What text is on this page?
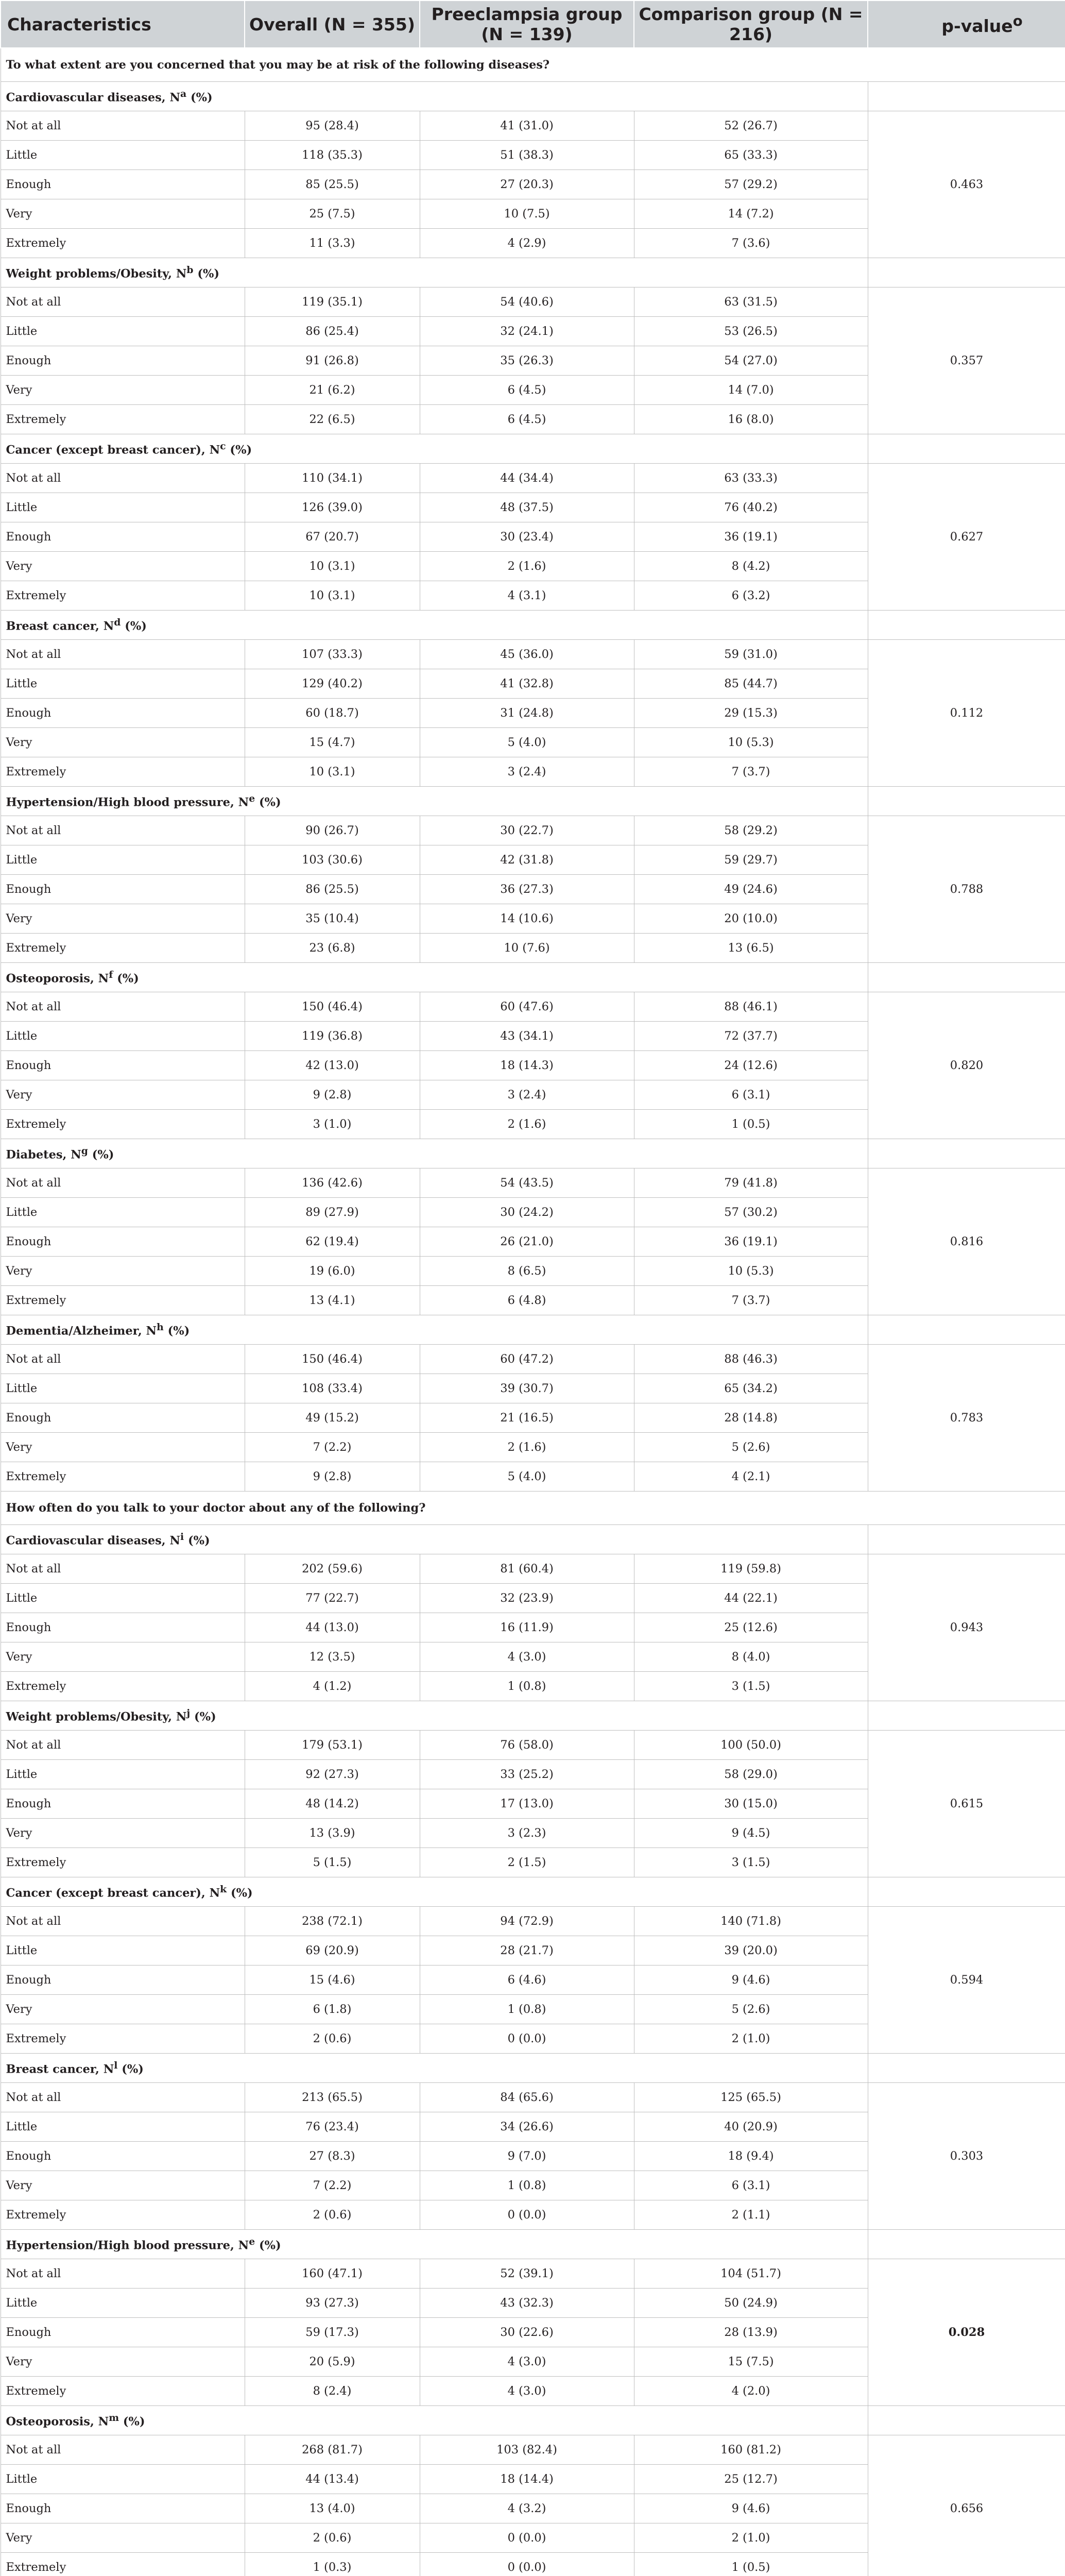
Characteristics	Overall (N = 355)	Preeclampsia group (N = 139)	Comparison group (N = 216)	p-value$^o$
To what extent are you concerned that you may be at risk of the following diseases?				
Cardiovascular diseases, $N^a$ (%)				
Not at all	95 (28.4)	41 (31.0)	52 (26.7)	0.463
Little	118 (35.3)	51 (38.3)	65 (33.3)	
Enough	85 (25.5)	27 (20.3)	57 (29.2)	
Very	25 (7.5)	10 (7.5)	14 (7.2)	
Extremely	11 (3.3)	4 (2.9)	7 (3.6)	
Weight problems/Obesity, $N^b$ (%)				
Not at all	119 (35.1)	54 (40.6)	63 (31.5)	0.357
Little	86 (25.4)	32 (24.1)	53 (26.5)	
Enough	91 (26.8)	35 (26.3)	54 (27.0)	
Very	21 (6.2)	6 (4.5)	14 (7.0)	
Extremely	22 (6.5)	6 (4.5)	16 (8.0)	
Cancer (except breast cancer), $N^c$ (%)				
Not at all	110 (34.1)	44 (34.4)	63 (33.3)	0.627
Little	126 (39.0)	48 (37.5)	76 (40.2)	
Enough	67 (20.7)	30 (23.4)	36 (19.1)	
Very	10 (3.1)	2 (1.6)	8 (4.2)	
Extremely	10 (3.1)	4 (3.1)	6 (3.2)	
Breast cancer, $N^d$ (%)				
Not at all	107 (33.3)	45 (36.0)	59 (31.0)	0.112
Little	129 (40.2)	41 (32.8)	85 (44.7)	
Enough	60 (18.7)	31 (24.8)	29 (15.3)	
Very	15 (4.7)	5 (4.0)	10 (5.3)	
Extremely	10 (3.1)	3 (2.4)	7 (3.7)	
Hypertension/High blood pressure, $N^e$ (%)				
Not at all	90 (26.7)	30 (22.7)	58 (29.2)	0.788
Little	103 (30.6)	42 (31.8)	59 (29.7)	
Enough	86 (25.5)	36 (27.3)	49 (24.6)	
Very	35 (10.4)	14 (10.6)	20 (10.0)	
Extremely	23 (6.8)	10 (7.6)	13 (6.5)	
Osteoporosis, $N^f$ (%)				
Not at all	150 (46.4)	60 (47.6)	88 (46.1)	0.820
Little	119 (36.8)	43 (34.1)	72 (37.7)	
Enough	42 (13.0)	18 (14.3)	24 (12.6)	
Very	9 (2.8)	3 (2.4)	6 (3.1)	
Extremely	3 (1.0)	2 (1.6)	1 (0.5)	
Diabetes, $N^g$ (%)				
Not at all	136 (42.6)	54 (43.5)	79 (41.8)	0.816
Little	89 (27.9)	30 (24.2)	57 (30.2)	
Enough	62 (19.4)	26 (21.0)	36 (19.1)	
Very	19 (6.0)	8 (6.5)	10 (5.3)	
Extremely	13 (4.1)	6 (4.8)	7 (3.7)	
Dementia/Alzheimer, $N^h$ (%)				
Not at all	150 (46.4)	60 (47.2)	88 (46.3)	0.783
Little	108 (33.4)	39 (30.7)	65 (34.2)	
Enough	49 (15.2)	21 (16.5)	28 (14.8)	
Very	7 (2.2)	2 (1.6)	5 (2.6)	
Extremely	9 (2.8)	5 (4.0)	4 (2.1)	
How often do you talk to your doctor about any of the following?				
Cardiovascular diseases, $N^i$ (%)				
Not at all	202 (59.6)	81 (60.4)	119 (59.8)	0.943
Little	77 (22.7)	32 (23.9)	44 (22.1)	
Enough	44 (13.0)	16 (11.9)	25 (12.6)	
Very	12 (3.5)	4 (3.0)	8 (4.0)	
Extremely	4 (1.2)	1 (0.8)	3 (1.5)	
Weight problems/Obesity, $N^j$ (%)				
Not at all	179 (53.1)	76 (58.0)	100 (50.0)	0.615
Little	92 (27.3)	33 (25.2)	58 (29.0)	
Enough	48 (14.2)	17 (13.0)	30 (15.0)	
Very	13 (3.9)	3 (2.3)	9 (4.5)	
Extremely	5 (1.5)	2 (1.5)	3 (1.5)	
Cancer (except breast cancer), $N^k$ (%)				
Not at all	238 (72.1)	94 (72.9)	140 (71.8)	0.594
Little	69 (20.9)	28 (21.7)	39 (20.0)	
Enough	15 (4.6)	6 (4.6)	9 (4.6)	
Very	6 (1.8)	1 (0.8)	5 (2.6)	
Extremely	2 (0.6)	0 (0.0)	2 (1.0)	
Breast cancer, $N^l$ (%)				
Not at all	213 (65.5)	84 (65.6)	125 (65.5)	0.303
Little	76 (23.4)	34 (26.6)	40 (20.9)	
Enough	27 (8.3)	9 (7.0)	18 (9.4)	
Very	7 (2.2)	1 (0.8)	6 (3.1)	
Extremely	2 (0.6)	0 (0.0)	2 (1.1)	
Hypertension/High blood pressure, $N^e$ (%)				
Not at all	160 (47.1)	52 (39.1)	104 (51.7)	0.028
Little	93 (27.3)	43 (32.3)	50 (24.9)	
Enough	59 (17.3)	30 (22.6)	28 (13.9)	
Very	20 (5.9)	4 (3.0)	15 (7.5)	
Extremely	8 (2.4)	4 (3.0)	4 (2.0)	
Osteoporosis, $N^m$ (%)				
Not at all	268 (81.7)	103 (82.4)	160 (81.2)	0.656
Little	44 (13.4)	18 (14.4)	25 (12.7)	
Enough	13 (4.0)	4 (3.2)	9 (4.6)	
Very	2 (0.6)	0 (0.0)	2 (1.0)	
Extremely	1 (0.3)	0 (0.0)	1 (0.5)	
